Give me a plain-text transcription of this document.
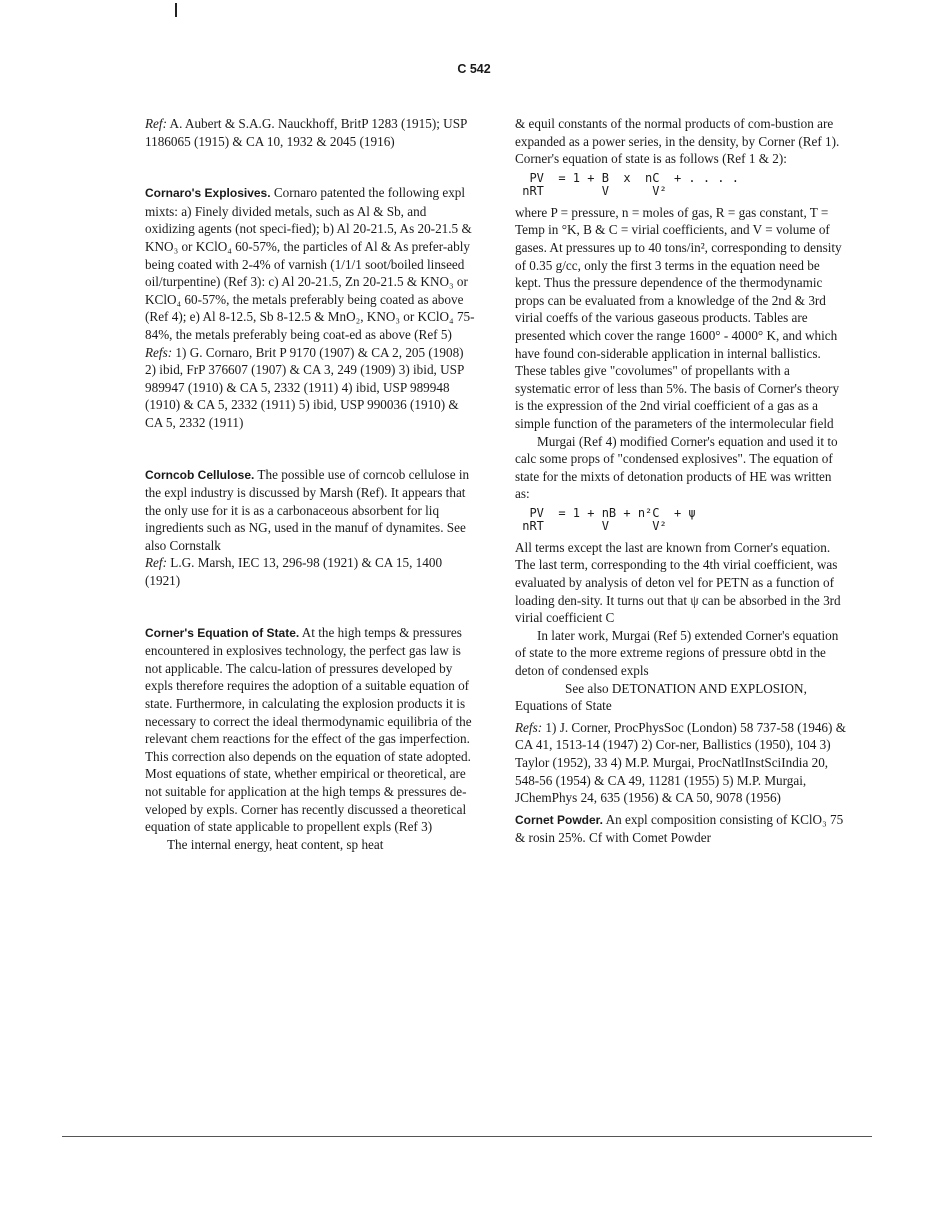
C 542

Ref: A. Aubert & S.A.G. Nauckhoff, BritP 1283 (1915); USP 1186065 (1915) & CA 10, 1932 & 2045 (1916)

Cornaro's Explosives. Cornaro patented the following expl mixts: a) Finely divided metals, such as Al & Sb, and oxidizing agents (not speci-fied); b) Al 20-21.5, As 20-21.5 & KNO₃ or KClO₄ 60-57%, the particles of Al & As prefer-ably being coated with 2-4% of varnish (1/1/1 soot/boiled linseed oil/turpentine) (Ref 3): c) Al 20-21.5, Zn 20-21.5 & KNO₃ or KClO₄ 60-57%, the metals preferably being coated as above (Ref 4); e) Al 8-12.5, Sb 8-12.5 & MnO₂, KNO₃ or KClO₄ 75-84%, the metals preferably being coat-ed as above (Ref 5)

Refs: 1) G. Cornaro, Brit P 9170 (1907) & CA 2, 205 (1908) 2) ibid, FrP 376607 (1907) & CA 3, 249 (1909) 3) ibid, USP 989947 (1910) & CA 5, 2332 (1911) 4) ibid, USP 989948 (1910) & CA 5, 2332 (1911) 5) ibid, USP 990036 (1910) & CA 5, 2332 (1911)

Corncob Cellulose. The possible use of corncob cellulose in the expl industry is discussed by Marsh (Ref). It appears that the only use for it is as a carbonaceous absorbent for liq ingredients such as NG, used in the manuf of dynamites. See also Cornstalk

Ref: L.G. Marsh, IEC 13, 296-98 (1921) & CA 15, 1400 (1921)

Corner's Equation of State. At the high temps & pressures encountered in explosives technology, the perfect gas law is not applicable. The calcu-lation of pressures developed by expls therefore requires the adoption of a suitable equation of state. Furthermore, in calculating the explosion products it is necessary to correct the ideal thermodynamic equilibria of the relevant chem reactions for the effect of the gas imperfection. This correction also depends on the equation of state adopted. Most equations of state, whether empirical or theoretical, are not suitable for application at the high temps & pressures de-veloped by expls. Corner has recently discussed a theoretical equation of state applicable to propellent expls (Ref 3)

The internal energy, heat content, sp heat

& equil constants of the normal products of com-bustion are expanded as a power series, in the density, by Corner (Ref 1). Corner's equation of state is as follows (Ref 1 & 2):

PV  = 1 + B  x  nC  + . . . .
nRT        V      V²

where P = pressure, n = moles of gas, R = gas constant, T = Temp in °K, B & C = virial coefficients, and V = volume of gases. At pressures up to 40 tons/in², corresponding to density of 0.35 g/cc, only the first 3 terms in the equation need be kept. Thus the pressure dependence of the thermodynamic props can be evaluated from a knowledge of the 2nd & 3rd virial coeffs of the various gaseous products. Tables are presented which cover the range 1600° - 4000° K, and which have found con-siderable application in internal ballistics. These tables give "covolumes" of propellants with a systematic error of less than 5%. The basis of Corner's theory is the expression of the 2nd virial coefficient of a gas as a simple function of the parameters of the intermolecular field

Murgai (Ref 4) modified Corner's equation and used it to calc some props of "condensed explosives". The equation of state for the mixts of detonation products of HE was written as:

PV  = 1 + nB + n²C  + ψ
nRT        V      V²

All terms except the last are known from Corner's equation. The last term, corresponding to the 4th virial coefficient, was evaluated by analysis of deton vel for PETN as a function of loading den-sity. It turns out that ψ can be absorbed in the 3rd virial coefficient C

In later work, Murgai (Ref 5) extended Corner's equation of state to the more extreme regions of pressure obtd in the deton of condensed expls

See also DETONATION AND EXPLOSION, Equations of State

Refs: 1) J. Corner, ProcPhysSoc (London) 58 737-58 (1946) & CA 41, 1513-14 (1947) 2) Cor-ner, Ballistics (1950), 104 3) Taylor (1952), 33 4) M.P. Murgai, ProcNatlInstSciIndia 20, 548-56 (1954) & CA 49, 11281 (1955) 5) M.P. Murgai, JChemPhys 24, 635 (1956) & CA 50, 9078 (1956)

Cornet Powder. An expl composition consisting of KClO₃ 75 & rosin 25%. Cf with Comet Powder
